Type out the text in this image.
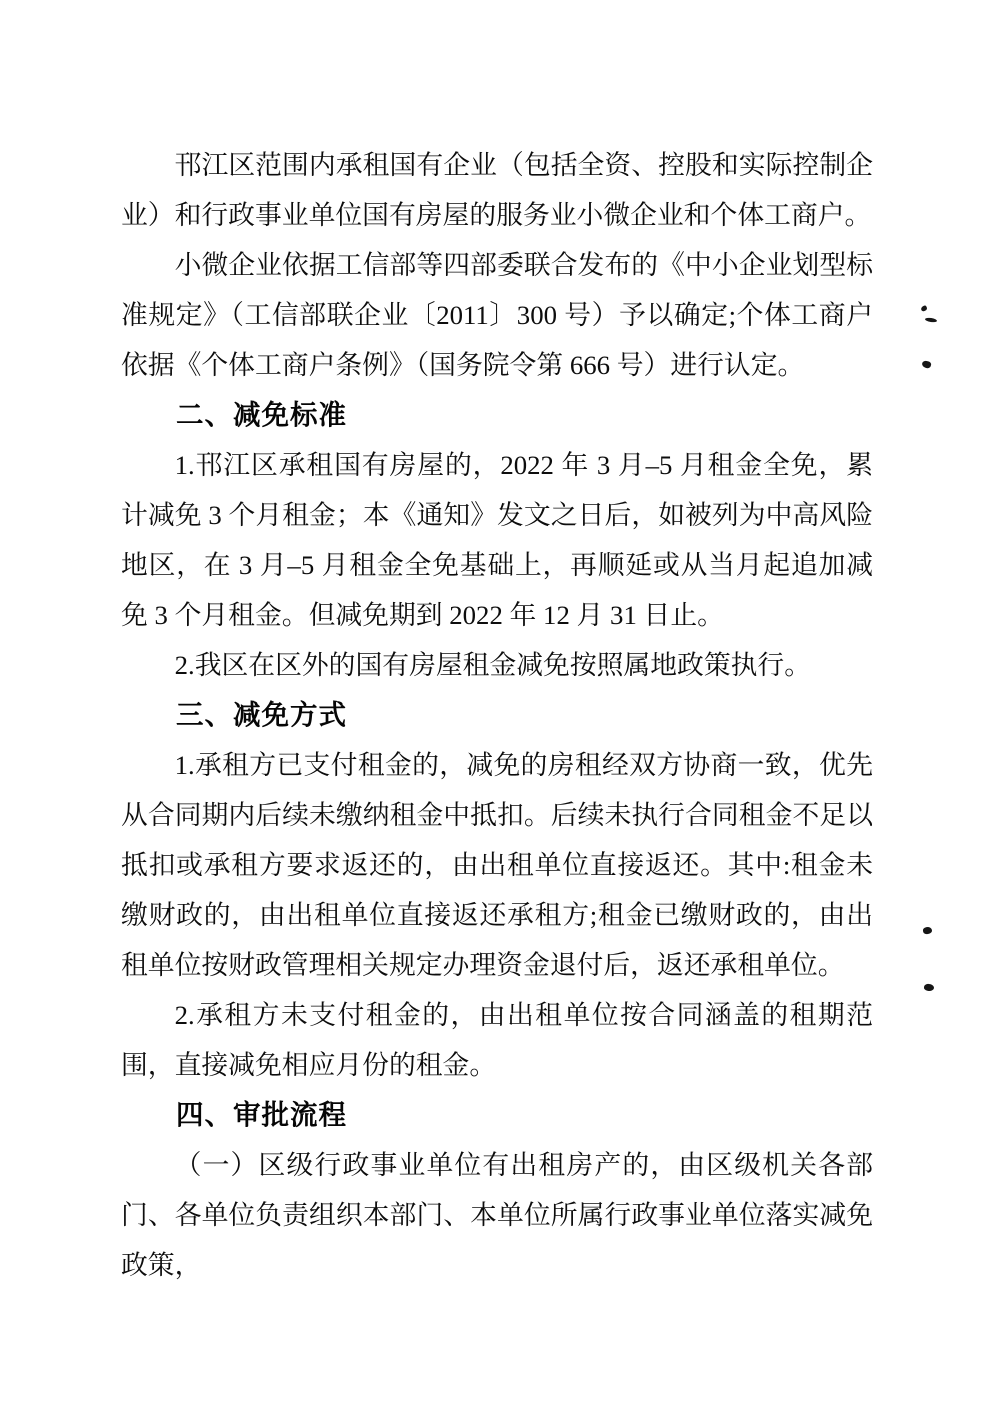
邗江区范围内承租国有企业（包括全资、控股和实际控制企业）和行政事业单位国有房屋的服务业小微企业和个体工商户。

小微企业依据工信部等四部委联合发布的《中小企业划型标准规定》（工信部联企业〔2011〕300 号）予以确定;个体工商户依据《个体工商户条例》（国务院令第 666 号）进行认定。

二、减免标准

1.邗江区承租国有房屋的，2022 年 3 月–5 月租金全免，累计减免 3 个月租金；本《通知》发文之日后，如被列为中高风险地区，在 3 月–5 月租金全免基础上，再顺延或从当月起追加减免 3 个月租金。但减免期到 2022 年 12 月 31 日止。

2.我区在区外的国有房屋租金减免按照属地政策执行。

三、减免方式

1.承租方已支付租金的，减免的房租经双方协商一致，优先从合同期内后续未缴纳租金中抵扣。后续未执行合同租金不足以抵扣或承租方要求返还的，由出租单位直接返还。其中:租金未缴财政的，由出租单位直接返还承租方;租金已缴财政的，由出租单位按财政管理相关规定办理资金退付后，返还承租单位。

2.承租方未支付租金的，由出租单位按合同涵盖的租期范围，直接减免相应月份的租金。

四、审批流程

（一）区级行政事业单位有出租房产的，由区级机关各部门、各单位负责组织本部门、本单位所属行政事业单位落实减免政策，
